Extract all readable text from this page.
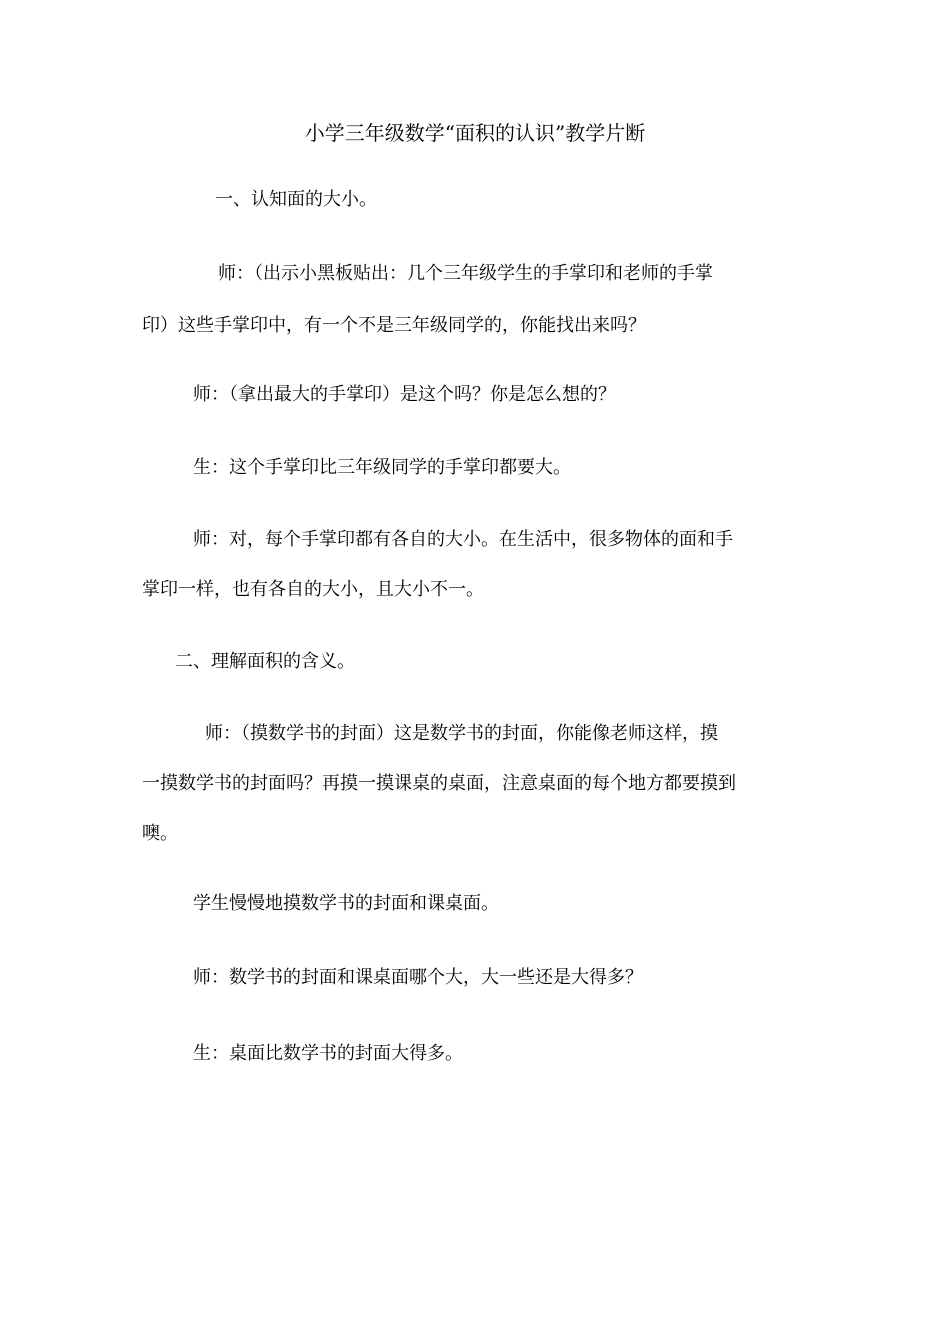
小学三年级数学“面积的认识”教学片断
一、认知面的大小。
师：（出示小黑板贴出：几个三年级学生的手掌印和老师的手掌
印）这些手掌印中，有一个不是三年级同学的，你能找出来吗？
师：（拿出最大的手掌印）是这个吗？你是怎么想的？
生：这个手掌印比三年级同学的手掌印都要大。
师：对，每个手掌印都有各自的大小。在生活中，很多物体的面和手
掌印一样，也有各自的大小，且大小不一。
二、理解面积的含义。
师：（摸数学书的封面）这是数学书的封面，你能像老师这样，摸
一摸数学书的封面吗？再摸一摸课桌的桌面，注意桌面的每个地方都要摸到
噢。
学生慢慢地摸数学书的封面和课桌面。
师：数学书的封面和课桌面哪个大，大一些还是大得多？
生：桌面比数学书的封面大得多。
